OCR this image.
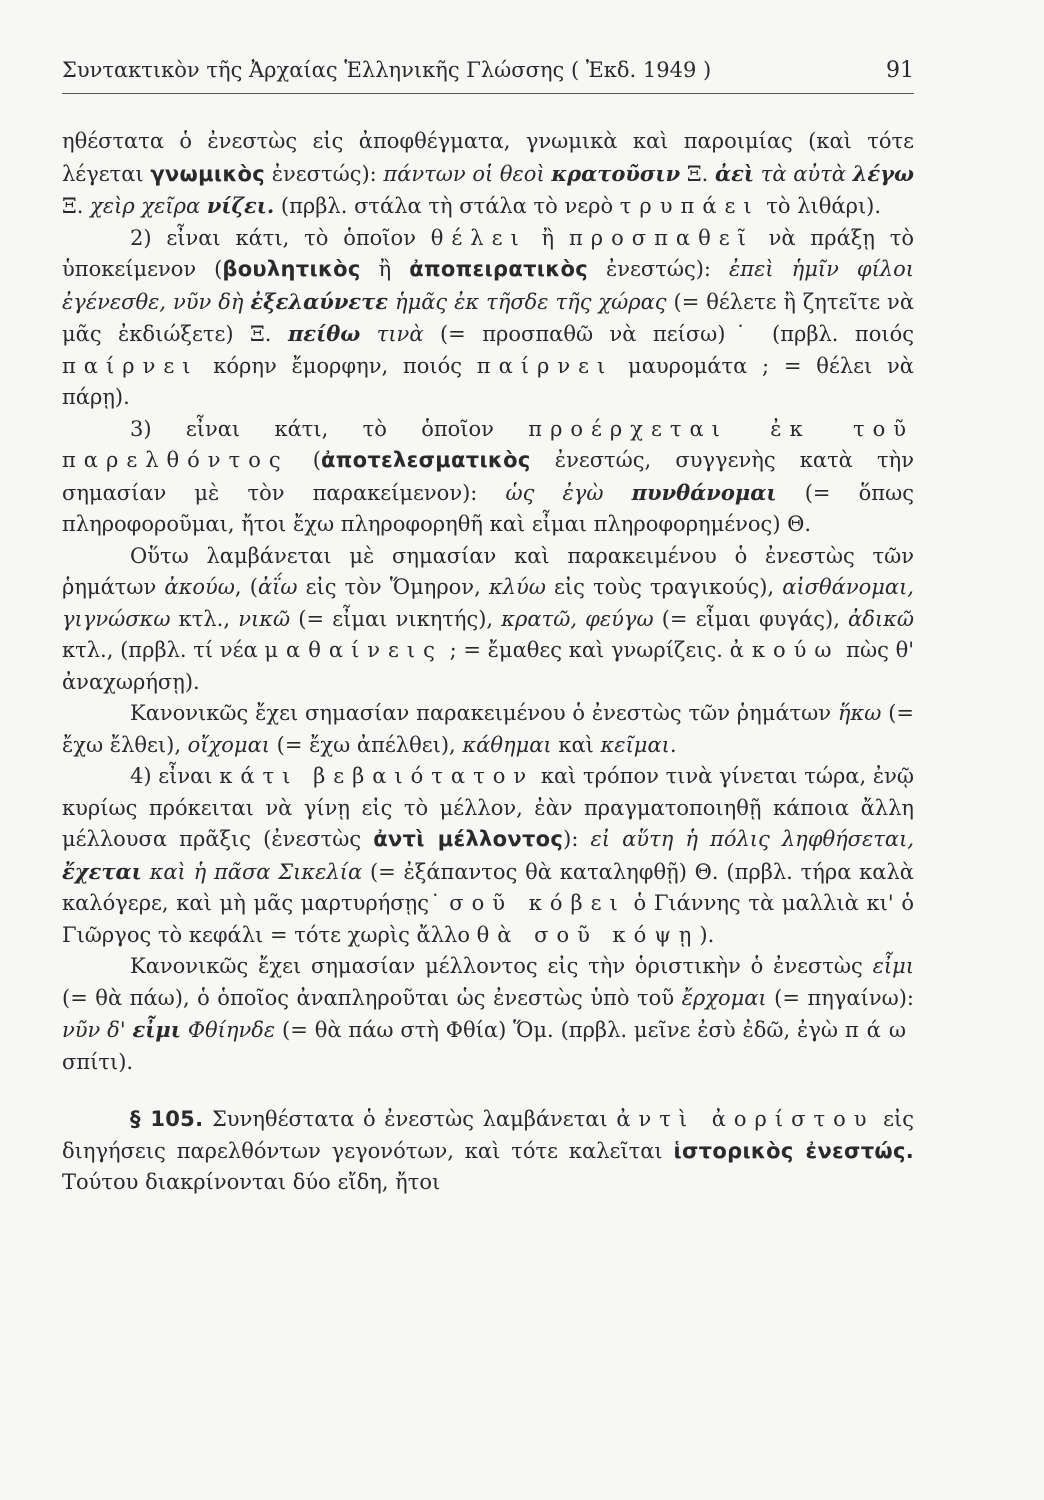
Συντακτικὸν τῆς Ἀρχαίας Ἑλληνικῆς Γλώσσης ( Ἐκδ. 1949 )	91

ηθέστατα ὁ ἐνεστὼς εἰς ἀποφθέγματα, γνωμικὰ καὶ παροιμίας (καὶ τότε λέγεται γνωμικὸς ἐνεστώς): πάντων οἱ θεοὶ κρατοῦσιν Ξ. ἀεὶ τὰ αὐτὰ λέγω Ξ. χεὶρ χεῖρα νίζει. (πρβλ. στάλα τὴ στάλα τὸ νερὸ τρυπάει τὸ λιθάρι).

2) εἶναι κάτι, τὸ ὁποῖον θέλει ἢ προσπαθεῖ νὰ πράξῃ τὸ ὑποκείμενον (βουλητικὸς ἢ ἀποπειρατικὸς ἐνεστώς): ἐπεὶ ἡμῖν φίλοι ἐγένεσθε, νῦν δὴ ἐξελαύνετε ἡμᾶς ἐκ τῆσδε τῆς χώρας (= θέλετε ἢ ζητεῖτε νὰ μᾶς ἐκδιώξετε) Ξ. πείθω τινὰ (= προσπαθῶ νὰ πείσω)˙ (πρβλ. ποιός παίρνει κόρην ἔμορφην, ποιός παίρνει μαυρομάτα ; = θέλει νὰ πάρῃ).

3) εἶναι κάτι, τὸ ὁποῖον προέρχεται ἐκ τοῦ παρελθόντος (ἀποτελεσματικὸς ἐνεστώς, συγγενὴς κατὰ τὴν σημασίαν μὲ τὸν παρακείμενον): ὡς ἐγὼ πυνθάνομαι (= ὅπως πληροφοροῦμαι, ἤτοι ἔχω πληροφορηθῆ καὶ εἶμαι πληροφορημένος) Θ.

Οὕτω λαμβάνεται μὲ σημασίαν καὶ παρακειμένου ὁ ἐνεστὼς τῶν ῥημάτων ἀκούω, (ἀΐω εἰς τὸν Ὅμηρον, κλύω εἰς τοὺς τραγικούς), αἰσθάνομαι, γιγνώσκω κτλ., νικῶ (= εἶμαι νικητής), κρατῶ, φεύγω (= εἶμαι φυγάς), ἀδικῶ κτλ., (πρβλ. τί νέα μαθαίνεις ; = ἔμαθες καὶ γνωρίζεις. ἀκούω πὼς θ' ἀναχωρήσῃ).

Κανονικῶς ἔχει σημασίαν παρακειμένου ὁ ἐνεστὼς τῶν ῥημάτων ἥκω (= ἔχω ἔλθει), οἴχομαι (= ἔχω ἀπέλθει), κάθημαι καὶ κεῖμαι.

4) εἶναι κάτι βεβαιότατον καὶ τρόπον τινὰ γίνεται τώρα, ἐνῷ κυρίως πρόκειται νὰ γίνῃ εἰς τὸ μέλλον, ἐὰν πραγματοποιηθῇ κάποια ἄλλη μέλλουσα πρᾶξις (ἐνεστὼς ἀντὶ μέλλοντος): εἰ αὕτη ἡ πόλις ληφθήσεται, ἔχεται καὶ ἡ πᾶσα Σικελία (= ἐξάπαντος θὰ καταληφθῇ) Θ. (πρβλ. τήρα καλὰ καλόγερε, καὶ μὴ μᾶς μαρτυρήσῃς˙ σοῦ κόβει ὁ Γιάννης τὰ μαλλιὰ κι' ὁ Γιῶργος τὸ κεφάλι = τότε χωρὶς ἄλλο θὰ σοῦ κόψῃ).

Κανονικῶς ἔχει σημασίαν μέλλοντος εἰς τὴν ὁριστικὴν ὁ ἐνεστὼς εἶμι (= θὰ πάω), ὁ ὁποῖος ἀναπληροῦται ὡς ἐνεστὼς ὑπὸ τοῦ ἔρχομαι (= πηγαίνω): νῦν δ' εἶμι Φθίηνδε (= θὰ πάω στὴ Φθία) Ὅμ. (πρβλ. μεῖνε ἐσὺ ἐδῶ, ἐγὼ πάω σπίτι).

§ 105. Συνηθέστατα ὁ ἐνεστὼς λαμβάνεται ἀντὶ ἀορίστου εἰς διηγήσεις παρελθόντων γεγονότων, καὶ τότε καλεῖται ἱστορικὸς ἐνεστώς. Τούτου διακρίνονται δύο εἴδη, ἤτοι
